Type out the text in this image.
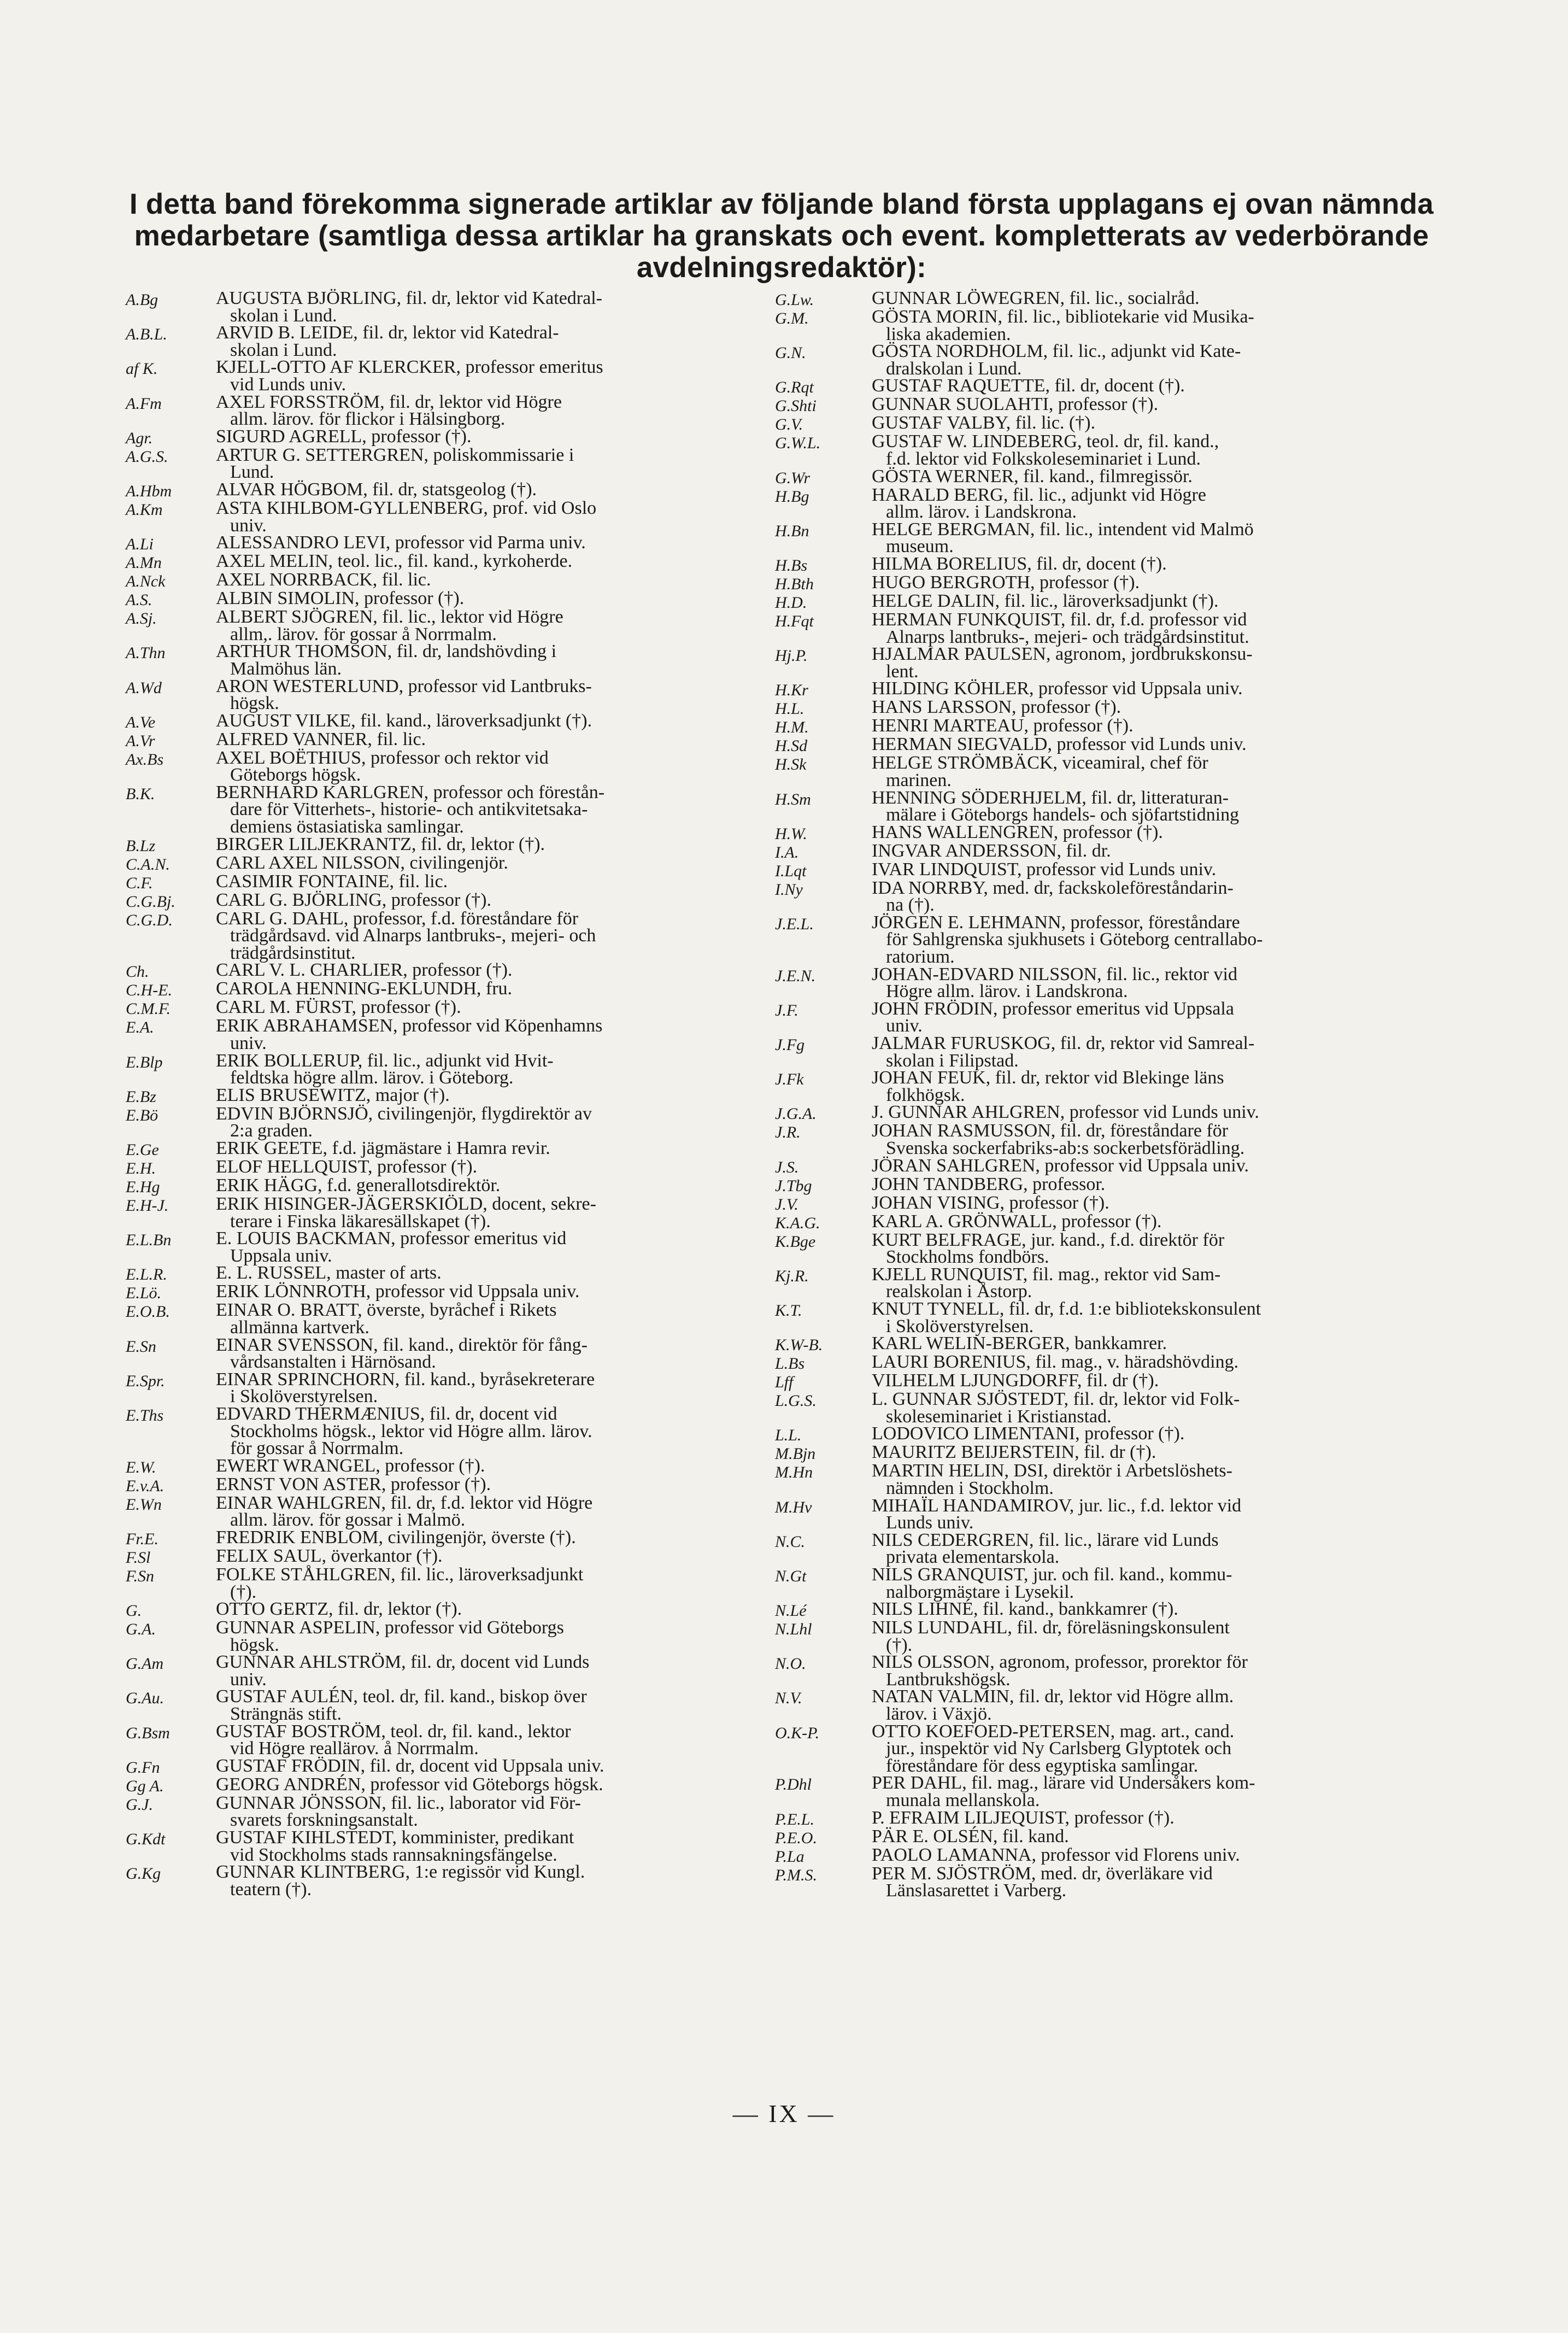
I detta band förekomma signerade artiklar av följande bland första upplagans ej ovan nämnda
medarbetare (samtliga dessa artiklar ha granskats och event. kompletterats av vederbörande
avdelningsredaktör):
A.Bg	AUGUSTA BJÖRLING, fil. dr, lektor vid Katedral-
skolan i Lund.
A.B.L.	ARVID B. LEIDE, fil. dr, lektor vid Katedral-
skolan i Lund.
af K.	KJELL-OTTO AF KLERCKER, professor emeritus
vid Lunds univ.
A.Fm	AXEL FORSSTRÖM, fil. dr, lektor vid Högre
allm. lärov. för flickor i Hälsingborg.
Agr.	SIGURD AGRELL, professor (†).
A.G.S.	ARTUR G. SETTERGREN, poliskommissarie i
Lund.
A.Hbm	ALVAR HÖGBOM, fil. dr, statsgeolog (†).
A.Km	ASTA KIHLBOM-GYLLENBERG, prof. vid Oslo
univ.
A.Li	ALESSANDRO LEVI, professor vid Parma univ.
A.Mn	AXEL MELIN, teol. lic., fil. kand., kyrkoherde.
A.Nck	AXEL NORRBACK, fil. lic.
A.S.	ALBIN SIMOLIN, professor (†).
A.Sj.	ALBERT SJÖGREN, fil. lic., lektor vid Högre
allm,. lärov. för gossar å Norrmalm.
A.Thn	ARTHUR THOMSON, fil. dr, landshövding i
Malmöhus län.
A.Wd	ARON WESTERLUND, professor vid Lantbruks-
högsk.
A.Ve	AUGUST VILKE, fil. kand., läroverksadjunkt (†).
A.Vr	ALFRED VANNER, fil. lic.
Ax.Bs	AXEL BOËTHIUS, professor och rektor vid
Göteborgs högsk.
B.K.	BERNHARD KARLGREN, professor och förestån-
dare för Vitterhets-, historie- och antikvitetsaka-
demiens östasiatiska samlingar.
B.Lz	BIRGER LILJEKRANTZ, fil. dr, lektor (†).
C.A.N.	CARL AXEL NILSSON, civilingenjör.
C.F.	CASIMIR FONTAINE, fil. lic.
C.G.Bj.	CARL G. BJÖRLING, professor (†).
C.G.D.	CARL G. DAHL, professor, f.d. föreståndare för
trädgårdsavd. vid Alnarps lantbruks-, mejeri- och
trädgårdsinstitut.
Ch.	CARL V. L. CHARLIER, professor (†).
C.H-E.	CAROLA HENNING-EKLUNDH, fru.
C.M.F.	CARL M. FÜRST, professor (†).
E.A.	ERIK ABRAHAMSEN, professor vid Köpenhamns
univ.
E.Blp	ERIK BOLLERUP, fil. lic., adjunkt vid Hvit-
feldtska högre allm. lärov. i Göteborg.
E.Bz	ELIS BRUSEWITZ, major (†).
E.Bö	EDVIN BJÖRNSJÖ, civilingenjör, flygdirektör av
2:a graden.
E.Ge	ERIK GEETE, f.d. jägmästare i Hamra revir.
E.H.	ELOF HELLQUIST, professor (†).
E.Hg	ERIK HÄGG, f.d. generallotsdirektör.
E.H-J.	ERIK HISINGER-JÄGERSKIÖLD, docent, sekre-
terare i Finska läkaresällskapet (†).
E.L.Bn	E. LOUIS BACKMAN, professor emeritus vid
Uppsala univ.
E.L.R.	E. L. RUSSEL, master of arts.
E.Lö.	ERIK LÖNNROTH, professor vid Uppsala univ.
E.O.B.	EINAR O. BRATT, överste, byråchef i Rikets
allmänna kartverk.
E.Sn	EINAR SVENSSON, fil. kand., direktör för fång-
vårdsanstalten i Härnösand.
E.Spr.	EINAR SPRINCHORN, fil. kand., byråsekreterare
i Skolöverstyrelsen.
E.Ths	EDVARD THERMÆNIUS, fil. dr, docent vid
Stockholms högsk., lektor vid Högre allm. lärov.
för gossar å Norrmalm.
E.W.	EWERT WRANGEL, professor (†).
E.v.A.	ERNST VON ASTER, professor (†).
E.Wn	EINAR WAHLGREN, fil. dr, f.d. lektor vid Högre
allm. lärov. för gossar i Malmö.
Fr.E.	FREDRIK ENBLOM, civilingenjör, överste (†).
F.Sl	FELIX SAUL, överkantor (†).
F.Sn	FOLKE STÅHLGREN, fil. lic., läroverksadjunkt
(†).
G.	OTTO GERTZ, fil. dr, lektor (†).
G.A.	GUNNAR ASPELIN, professor vid Göteborgs
högsk.
G.Am	GUNNAR AHLSTRÖM, fil. dr, docent vid Lunds
univ.
G.Au.	GUSTAF AULÉN, teol. dr, fil. kand., biskop över
Strängnäs stift.
G.Bsm	GUSTAF BOSTRÖM, teol. dr, fil. kand., lektor
vid Högre reallärov. å Norrmalm.
G.Fn	GUSTAF FRÖDIN, fil. dr, docent vid Uppsala univ.
Gg A.	GEORG ANDRÉN, professor vid Göteborgs högsk.
G.J.	GUNNAR JÖNSSON, fil. lic., laborator vid För-
svarets forskningsanstalt.
G.Kdt	GUSTAF KIHLSTEDT, komminister, predikant
vid Stockholms stads rannsakningsfängelse.
G.Kg	GUNNAR KLINTBERG, 1:e regissör vid Kungl.
teatern (†).
G.Lw.	GUNNAR LÖWEGREN, fil. lic., socialråd.
G.M.	GÖSTA MORIN, fil. lic., bibliotekarie vid Musika-
liska akademien.
G.N.	GÖSTA NORDHOLM, fil. lic., adjunkt vid Kate-
dralskolan i Lund.
G.Rqt	GUSTAF RAQUETTE, fil. dr, docent (†).
G.Shti	GUNNAR SUOLAHTI, professor (†).
G.V.	GUSTAF VALBY, fil. lic. (†).
G.W.L.	GUSTAF W. LINDEBERG, teol. dr, fil. kand.,
f.d. lektor vid Folkskoleseminariet i Lund.
G.Wr	GÖSTA WERNER, fil. kand., filmregissör.
H.Bg	HARALD BERG, fil. lic., adjunkt vid Högre
allm. lärov. i Landskrona.
H.Bn	HELGE BERGMAN, fil. lic., intendent vid Malmö
museum.
H.Bs	HILMA BORELIUS, fil. dr, docent (†).
H.Bth	HUGO BERGROTH, professor (†).
H.D.	HELGE DALIN, fil. lic., läroverksadjunkt (†).
H.Fqt	HERMAN FUNKQUIST, fil. dr, f.d. professor vid
Alnarps lantbruks-, mejeri- och trädgårdsinstitut.
Hj.P.	HJALMAR PAULSEN, agronom, jordbrukskonsu-
lent.
H.Kr	HILDING KÖHLER, professor vid Uppsala univ.
H.L.	HANS LARSSON, professor (†).
H.M.	HENRI MARTEAU, professor (†).
H.Sd	HERMAN SIEGVALD, professor vid Lunds univ.
H.Sk	HELGE STRÖMBÄCK, viceamiral, chef för
marinen.
H.Sm	HENNING SÖDERHJELM, fil. dr, litteraturan-
mälare i Göteborgs handels- och sjöfartstidning
H.W.	HANS WALLENGREN, professor (†).
I.A.	INGVAR ANDERSSON, fil. dr.
I.Lqt	IVAR LINDQUIST, professor vid Lunds univ.
I.Ny	IDA NORRBY, med. dr, fackskoleföreståndarin-
na (†).
J.E.L.	JÖRGEN E. LEHMANN, professor, föreståndare
för Sahlgrenska sjukhusets i Göteborg centrallabo-
ratorium.
J.E.N.	JOHAN-EDVARD NILSSON, fil. lic., rektor vid
Högre allm. lärov. i Landskrona.
J.F.	JOHN FRÖDIN, professor emeritus vid Uppsala
univ.
J.Fg	JALMAR FURUSKOG, fil. dr, rektor vid Samreal-
skolan i Filipstad.
J.Fk	JOHAN FEUK, fil. dr, rektor vid Blekinge läns
folkhögsk.
J.G.A.	J. GUNNAR AHLGREN, professor vid Lunds univ.
J.R.	JOHAN RASMUSSON, fil. dr, föreståndare för
Svenska sockerfabriks-ab:s sockerbetsförädling.
J.S.	JÖRAN SAHLGREN, professor vid Uppsala univ.
J.Tbg	JOHN TANDBERG, professor.
J.V.	JOHAN VISING, professor (†).
K.A.G.	KARL A. GRÖNWALL, professor (†).
K.Bge	KURT BELFRAGE, jur. kand., f.d. direktör för
Stockholms fondbörs.
Kj.R.	KJELL RUNQUIST, fil. mag., rektor vid Sam-
realskolan i Åstorp.
K.T.	KNUT TYNELL, fil. dr, f.d. 1:e bibliotekskonsulent
i Skolöverstyrelsen.
K.W-B.	KARL WELIN-BERGER, bankkamrer.
L.Bs	LAURI BORENIUS, fil. mag., v. häradshövding.
Lff	VILHELM LJUNGDORFF, fil. dr (†).
L.G.S.	L. GUNNAR SJÖSTEDT, fil. dr, lektor vid Folk-
skoleseminariet i Kristianstad.
L.L.	LODOVICO LIMENTANI, professor (†).
M.Bjn	MAURITZ BEIJERSTEIN, fil. dr (†).
M.Hn	MARTIN HELIN, DSI, direktör i Arbetslöshets-
nämnden i Stockholm.
M.Hv	MIHAÏL HANDAMIROV, jur. lic., f.d. lektor vid
Lunds univ.
N.C.	NILS CEDERGREN, fil. lic., lärare vid Lunds
privata elementarskola.
N.Gt	NILS GRANQUIST, jur. och fil. kand., kommu-
nalborgmästare i Lysekil.
N.Lé	NILS LIHNÉ, fil. kand., bankkamrer (†).
N.Lhl	NILS LUNDAHL, fil. dr, föreläsningskonsulent
(†).
N.O.	NILS OLSSON, agronom, professor, prorektor för
Lantbrukshögsk.
N.V.	NATAN VALMIN, fil. dr, lektor vid Högre allm.
lärov. i Växjö.
O.K-P.	OTTO KOEFOED-PETERSEN, mag. art., cand.
jur., inspektör vid Ny Carlsberg Glyptotek och
föreståndare för dess egyptiska samlingar.
P.Dhl	PER DAHL, fil. mag., lärare vid Undersåkers kom-
munala mellanskola.
P.E.L.	P. EFRAIM LILJEQUIST, professor (†).
P.E.O.	PÄR E. OLSÉN, fil. kand.
P.La	PAOLO LAMANNA, professor vid Florens univ.
P.M.S.	PER M. SJÖSTRÖM, med. dr, överläkare vid
Länslasarettet i Varberg.
— IX —
